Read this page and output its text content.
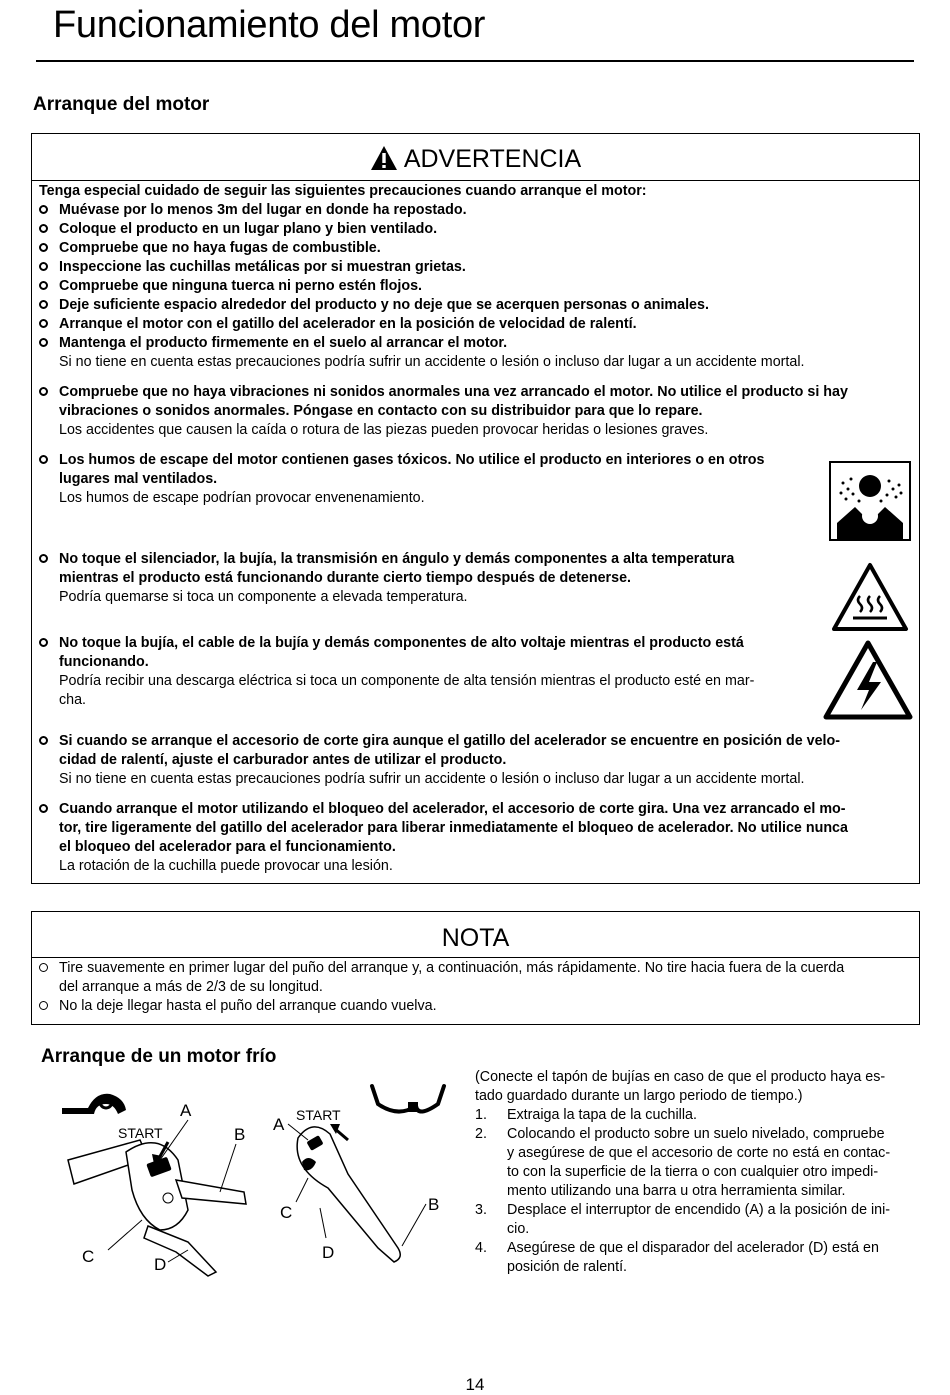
Funcionamiento del motor
Arranque del motor
ADVERTENCIA
Tenga especial cuidado de seguir las siguientes precauciones cuando arranque el motor:
Muévase por lo menos 3m del lugar en donde ha repostado.
Coloque el producto en un lugar plano y bien ventilado.
Compruebe que no haya fugas de combustible.
Inspeccione las cuchillas metálicas por si muestran grietas.
Compruebe que ninguna tuerca ni perno estén flojos.
Deje suficiente espacio alrededor del producto y no deje que se acerquen personas o animales.
Arranque el motor con el gatillo del acelerador en la posición de velocidad de ralentí.
Mantenga el producto firmemente en el suelo al arrancar el motor.
Si no tiene en cuenta estas precauciones podría sufrir un accidente o lesión o incluso dar lugar a un accidente mortal.
Compruebe que no haya vibraciones ni sonidos anormales una vez arrancado el motor. No utilice el producto si hay
vibraciones o sonidos anormales. Póngase en contacto con su distribuidor para que lo repare.
Los accidentes que causen la caída o rotura de las piezas pueden provocar heridas o lesiones graves.
Los humos de escape del motor contienen gases tóxicos. No utilice el producto en interiores o en otros
lugares mal ventilados.
Los humos de escape podrían provocar envenenamiento.
No toque el silenciador, la bujía, la transmisión en ángulo y demás componentes a alta temperatura
mientras el producto está funcionando durante cierto tiempo después de detenerse.
Podría quemarse si toca un componente a elevada temperatura.
No toque la bujía, el cable de la bujía y demás componentes de alto voltaje mientras el producto está
funcionando.
Podría recibir una descarga eléctrica si toca un componente de alta tensión mientras el producto esté en mar-
cha.
Si cuando se arranque el accesorio de corte gira aunque el gatillo del acelerador se encuentre en posición de velo-
cidad de ralentí, ajuste el carburador antes de utilizar el producto.
Si no tiene en cuenta estas precauciones podría sufrir un accidente o lesión o incluso dar lugar a un accidente mortal.
Cuando arranque el motor utilizando el bloqueo del acelerador, el accesorio de corte gira. Una vez arrancado el mo-
tor, tire ligeramente del gatillo del acelerador para liberar inmediatamente el bloqueo de acelerador. No utilice nunca
el bloqueo del acelerador para el funcionamiento.
La rotación de la cuchilla puede provocar una lesión.
NOTA
Tire suavemente en primer lugar del puño del arranque y, a continuación, más rápidamente. No tire hacia fuera de la cuerda
del arranque a más de 2/3 de su longitud.
No la deje llegar hasta el puño del arranque cuando vuelva.
Arranque de un motor frío
START
A
B
C	D
START
A
B
C
D
(Conecte el tapón de bujías en caso de que el producto haya es-
tado guardado durante un largo periodo de tiempo.)
1. Extraiga la tapa de la cuchilla.
2. Colocando el producto sobre un suelo nivelado, compruebe
y asegúrese de que el accesorio de corte no está en contac-
to con la superficie de la tierra o con cualquier otro impedi-
mento utilizando una barra u otra herramienta similar.
3. Desplace el interruptor de encendido (A) a la posición de ini-
cio.
4. Asegúrese de que el disparador del acelerador (D) está en
posición de ralentí.
14
